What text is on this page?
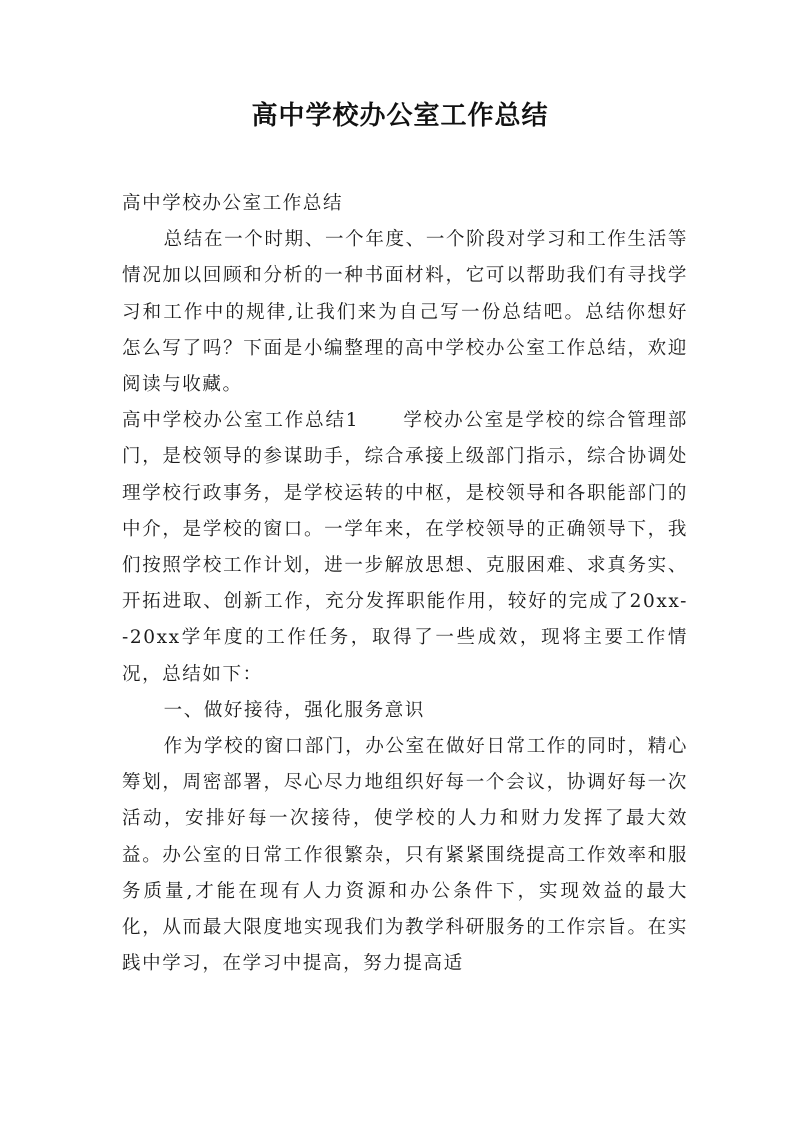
高中学校办公室工作总结

高中学校办公室工作总结

总结在一个时期、一个年度、一个阶段对学习和工作生活等情况加以回顾和分析的一种书面材料，它可以帮助我们有寻找学习和工作中的规律,让我们来为自己写一份总结吧。总结你想好怎么写了吗？下面是小编整理的高中学校办公室工作总结，欢迎阅读与收藏。

高中学校办公室工作总结1 学校办公室是学校的综合管理部门，是校领导的参谋助手，综合承接上级部门指示，综合协调处理学校行政事务，是学校运转的中枢，是校领导和各职能部门的中介，是学校的窗口。一学年来，在学校领导的正确领导下，我们按照学校工作计划，进一步解放思想、克服困难、求真务实、开拓进取、创新工作，充分发挥职能作用，较好的完成了20xx--20xx学年度的工作任务，取得了一些成效，现将主要工作情况，总结如下：

一、做好接待，强化服务意识

作为学校的窗口部门，办公室在做好日常工作的同时，精心筹划，周密部署，尽心尽力地组织好每一个会议，协调好每一次活动，安排好每一次接待，使学校的人力和财力发挥了最大效益。办公室的日常工作很繁杂，只有紧紧围绕提高工作效率和服务质量,才能在现有人力资源和办公条件下，实现效益的最大化，从而最大限度地实现我们为教学科研服务的工作宗旨。在实践中学习，在学习中提高，努力提高适
